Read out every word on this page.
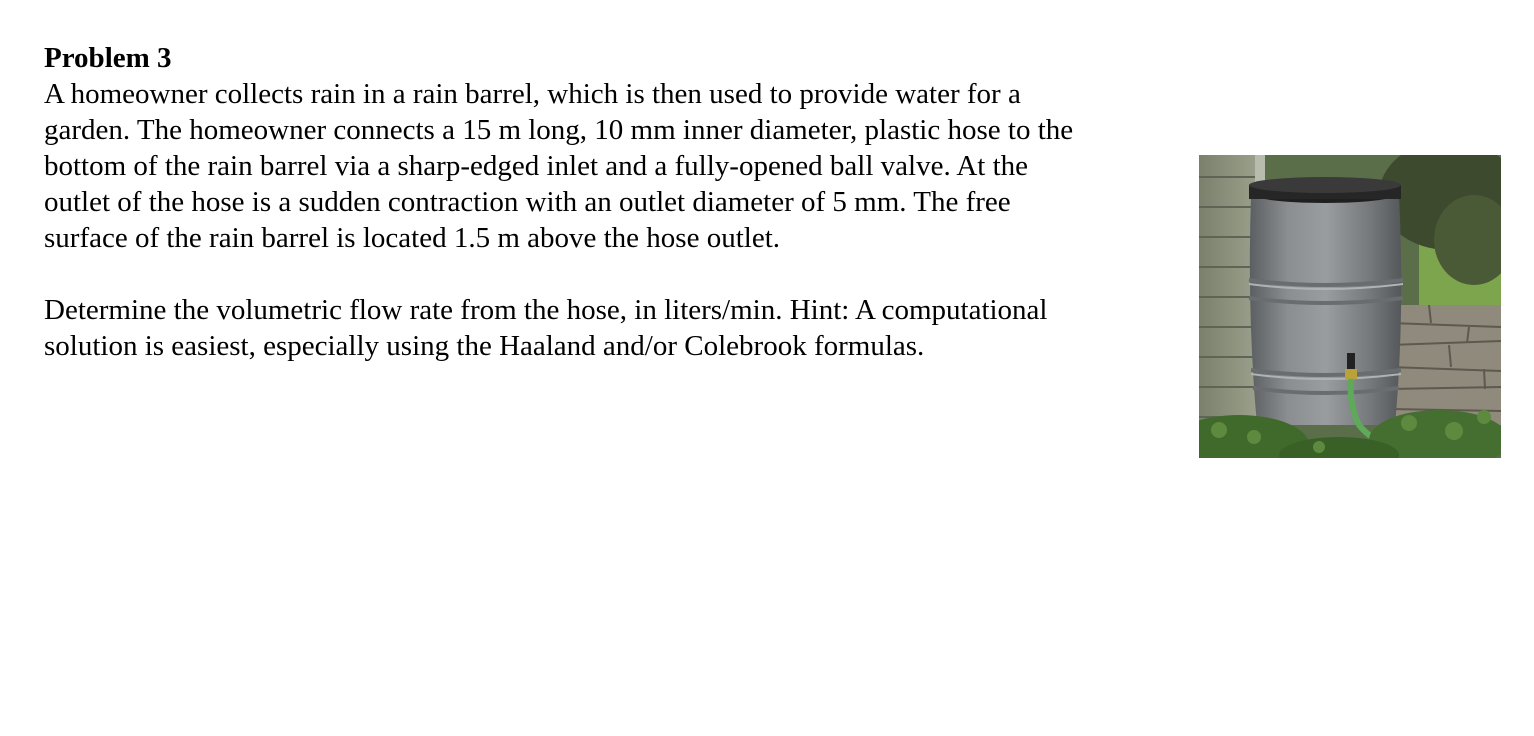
Problem 3
A homeowner collects rain in a rain barrel, which is then used to provide water for a
garden. The homeowner connects a 15 m long, 10 mm inner diameter, plastic hose to the
bottom of the rain barrel via a sharp-edged inlet and a fully-opened ball valve. At the
outlet of the hose is a sudden contraction with an outlet diameter of 5 mm. The free
surface of the rain barrel is located 1.5 m above the hose outlet.
Determine the volumetric flow rate from the hose, in liters/min. Hint: A computational
solution is easiest, especially using the Haaland and/or Colebrook formulas.
